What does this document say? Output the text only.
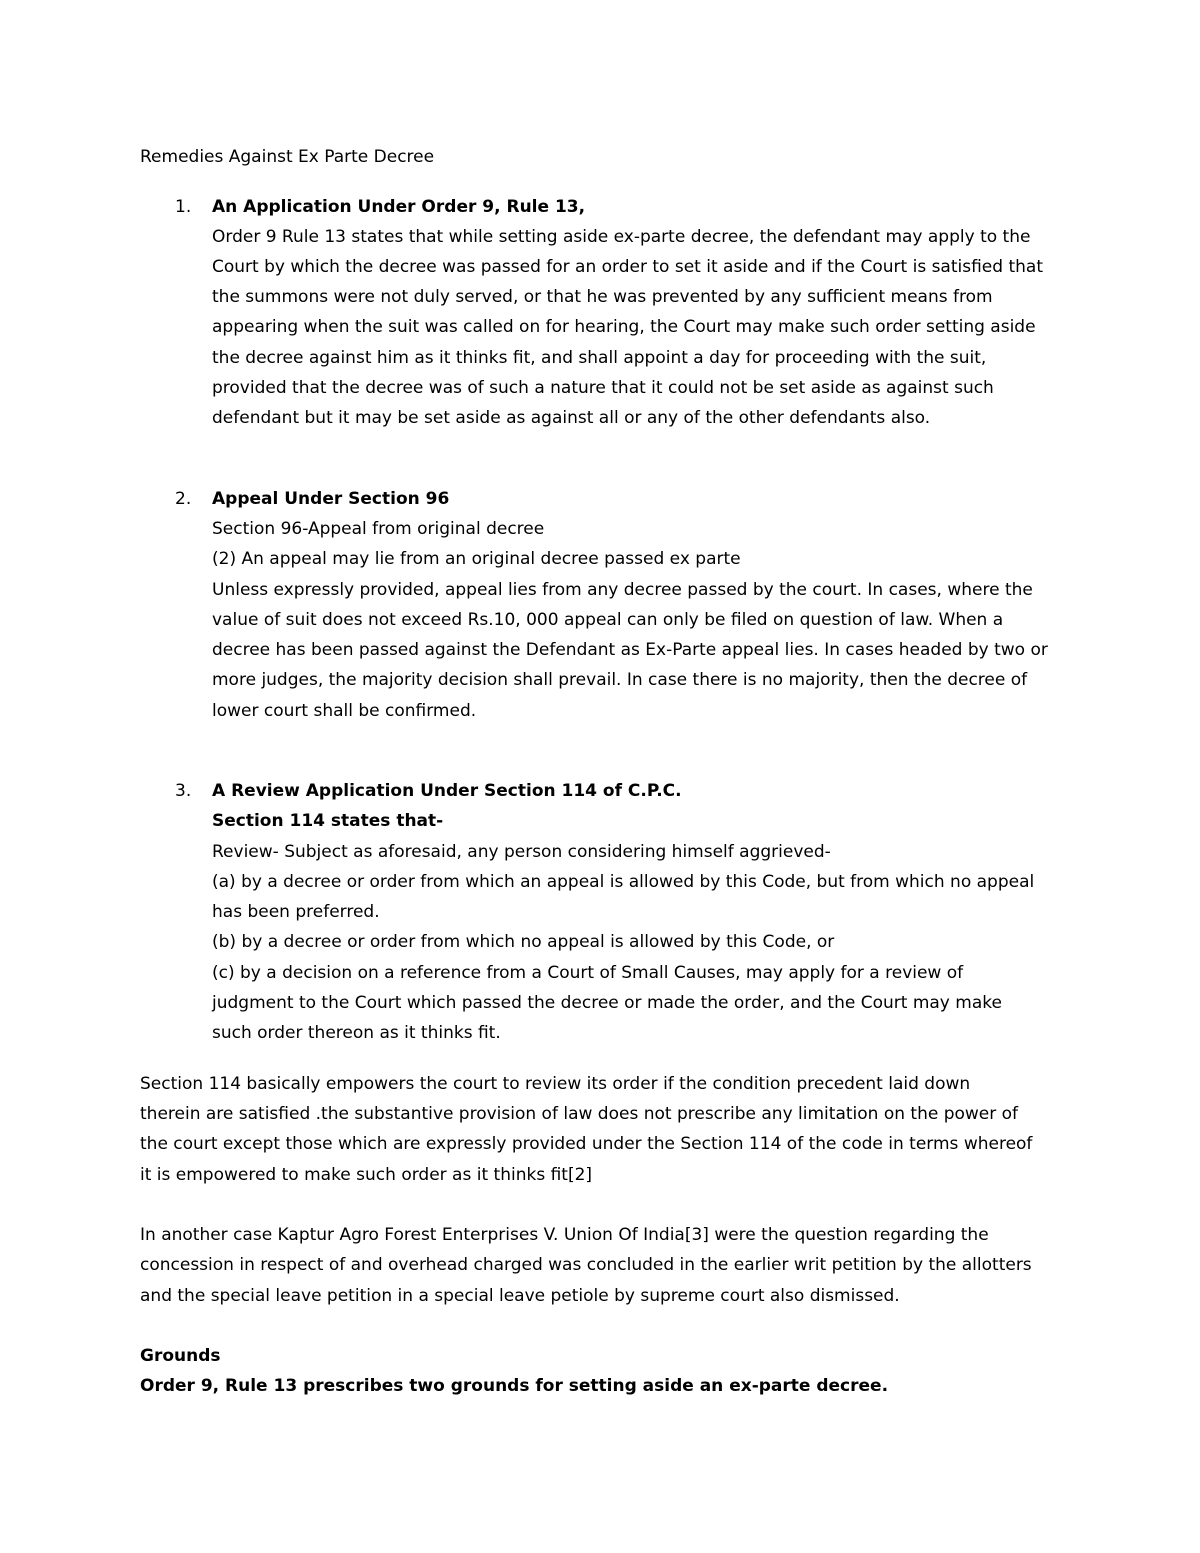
Remedies Against Ex Parte Decree
1. An Application Under Order 9, Rule 13,
Order 9 Rule 13 states that while setting aside ex-parte decree, the defendant may apply to the
Court by which the decree was passed for an order to set it aside and if the Court is satisfied that
the summons were not duly served, or that he was prevented by any sufficient means from
appearing when the suit was called on for hearing, the Court may make such order setting aside
the decree against him as it thinks fit, and shall appoint a day for proceeding with the suit,
provided that the decree was of such a nature that it could not be set aside as against such
defendant but it may be set aside as against all or any of the other defendants also.
2. Appeal Under Section 96
Section 96-Appeal from original decree
(2) An appeal may lie from an original decree passed ex parte
Unless expressly provided, appeal lies from any decree passed by the court. In cases, where the
value of suit does not exceed Rs.10, 000 appeal can only be filed on question of law. When a
decree has been passed against the Defendant as Ex-Parte appeal lies. In cases headed by two or
more judges, the majority decision shall prevail. In case there is no majority, then the decree of
lower court shall be confirmed.
3. A Review Application Under Section 114 of C.P.C.
Section 114 states that-
Review- Subject as aforesaid, any person considering himself aggrieved-
(a) by a decree or order from which an appeal is allowed by this Code, but from which no appeal
has been preferred.
(b) by a decree or order from which no appeal is allowed by this Code, or
(c) by a decision on a reference from a Court of Small Causes, may apply for a review of
judgment to the Court which passed the decree or made the order, and the Court may make
such order thereon as it thinks fit.
Section 114 basically empowers the court to review its order if the condition precedent laid down
therein are satisfied .the substantive provision of law does not prescribe any limitation on the power of
the court except those which are expressly provided under the Section 114 of the code in terms whereof
it is empowered to make such order as it thinks fit[2]
In another case Kaptur Agro Forest Enterprises V. Union Of India[3] were the question regarding the
concession in respect of and overhead charged was concluded in the earlier writ petition by the allotters
and the special leave petition in a special leave petiole by supreme court also dismissed.
Grounds
Order 9, Rule 13 prescribes two grounds for setting aside an ex-parte decree.
